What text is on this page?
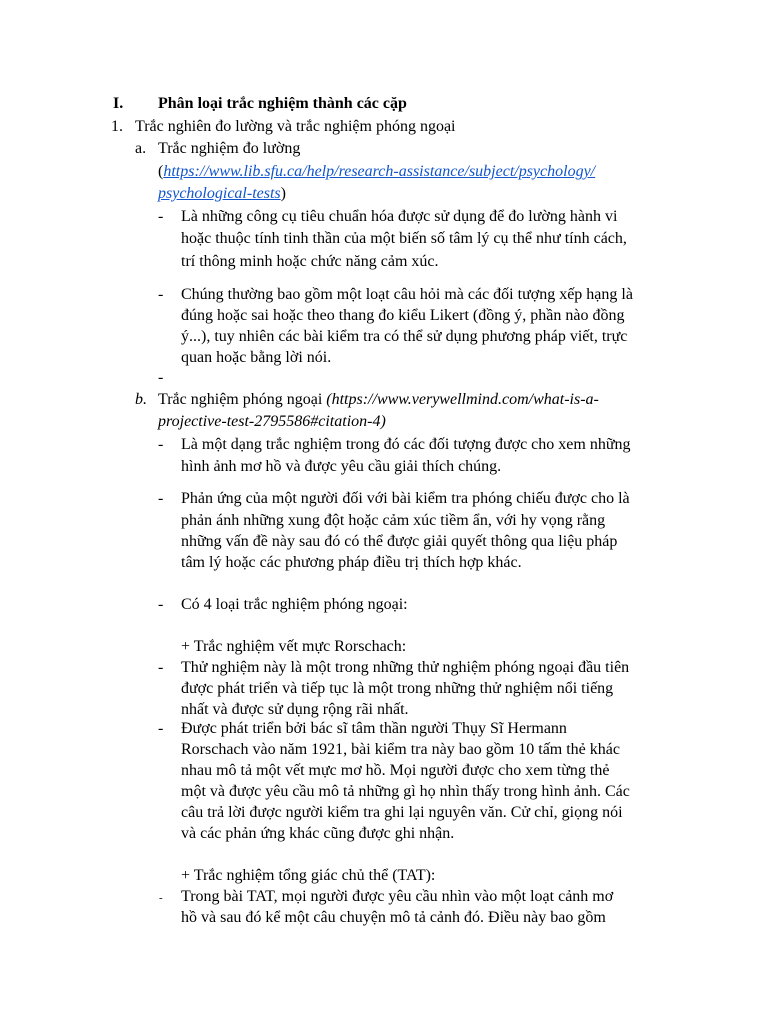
I. Phân loại trắc nghiệm thành các cặp
1. Trắc nghiên đo lường và trắc nghiệm phóng ngoại
a. Trắc nghiệm đo lường
(https://www.lib.sfu.ca/help/research-assistance/subject/psychology/
psychological-tests)
- Là những công cụ tiêu chuẩn hóa được sử dụng để đo lường hành vi
hoặc thuộc tính tinh thần của một biến số tâm lý cụ thể như tính cách,
trí thông minh hoặc chức năng cảm xúc.
- Chúng thường bao gồm một loạt câu hỏi mà các đối tượng xếp hạng là
đúng hoặc sai hoặc theo thang đo kiểu Likert (đồng ý, phần nào đồng
ý...), tuy nhiên các bài kiểm tra có thể sử dụng phương pháp viết, trực
quan hoặc bằng lời nói.
-
b. Trắc nghiệm phóng ngoại (https://www.verywellmind.com/what-is-a-
projective-test-2795586#citation-4)
- Là một dạng trắc nghiệm trong đó các đối tượng được cho xem những
hình ảnh mơ hồ và được yêu cầu giải thích chúng.
- Phản ứng của một người đối với bài kiểm tra phóng chiếu được cho là
phản ánh những xung đột hoặc cảm xúc tiềm ẩn, với hy vọng rằng
những vấn đề này sau đó có thể được giải quyết thông qua liệu pháp
tâm lý hoặc các phương pháp điều trị thích hợp khác.
- Có 4 loại trắc nghiệm phóng ngoại:
+ Trắc nghiệm vết mực Rorschach:
- Thử nghiệm này là một trong những thử nghiệm phóng ngoại đầu tiên
được phát triển và tiếp tục là một trong những thử nghiệm nổi tiếng
nhất và được sử dụng rộng rãi nhất.
- Được phát triển bởi bác sĩ tâm thần người Thụy Sĩ Hermann
Rorschach vào năm 1921, bài kiểm tra này bao gồm 10 tấm thẻ khác
nhau mô tả một vết mực mơ hồ. Mọi người được cho xem từng thẻ
một và được yêu cầu mô tả những gì họ nhìn thấy trong hình ảnh. Các
câu trả lời được người kiểm tra ghi lại nguyên văn. Cử chỉ, giọng nói
và các phản ứng khác cũng được ghi nhận.
+ Trắc nghiệm tổng giác chủ thể (TAT):
- Trong bài TAT, mọi người được yêu cầu nhìn vào một loạt cảnh mơ
hồ và sau đó kể một câu chuyện mô tả cảnh đó. Điều này bao gồm
